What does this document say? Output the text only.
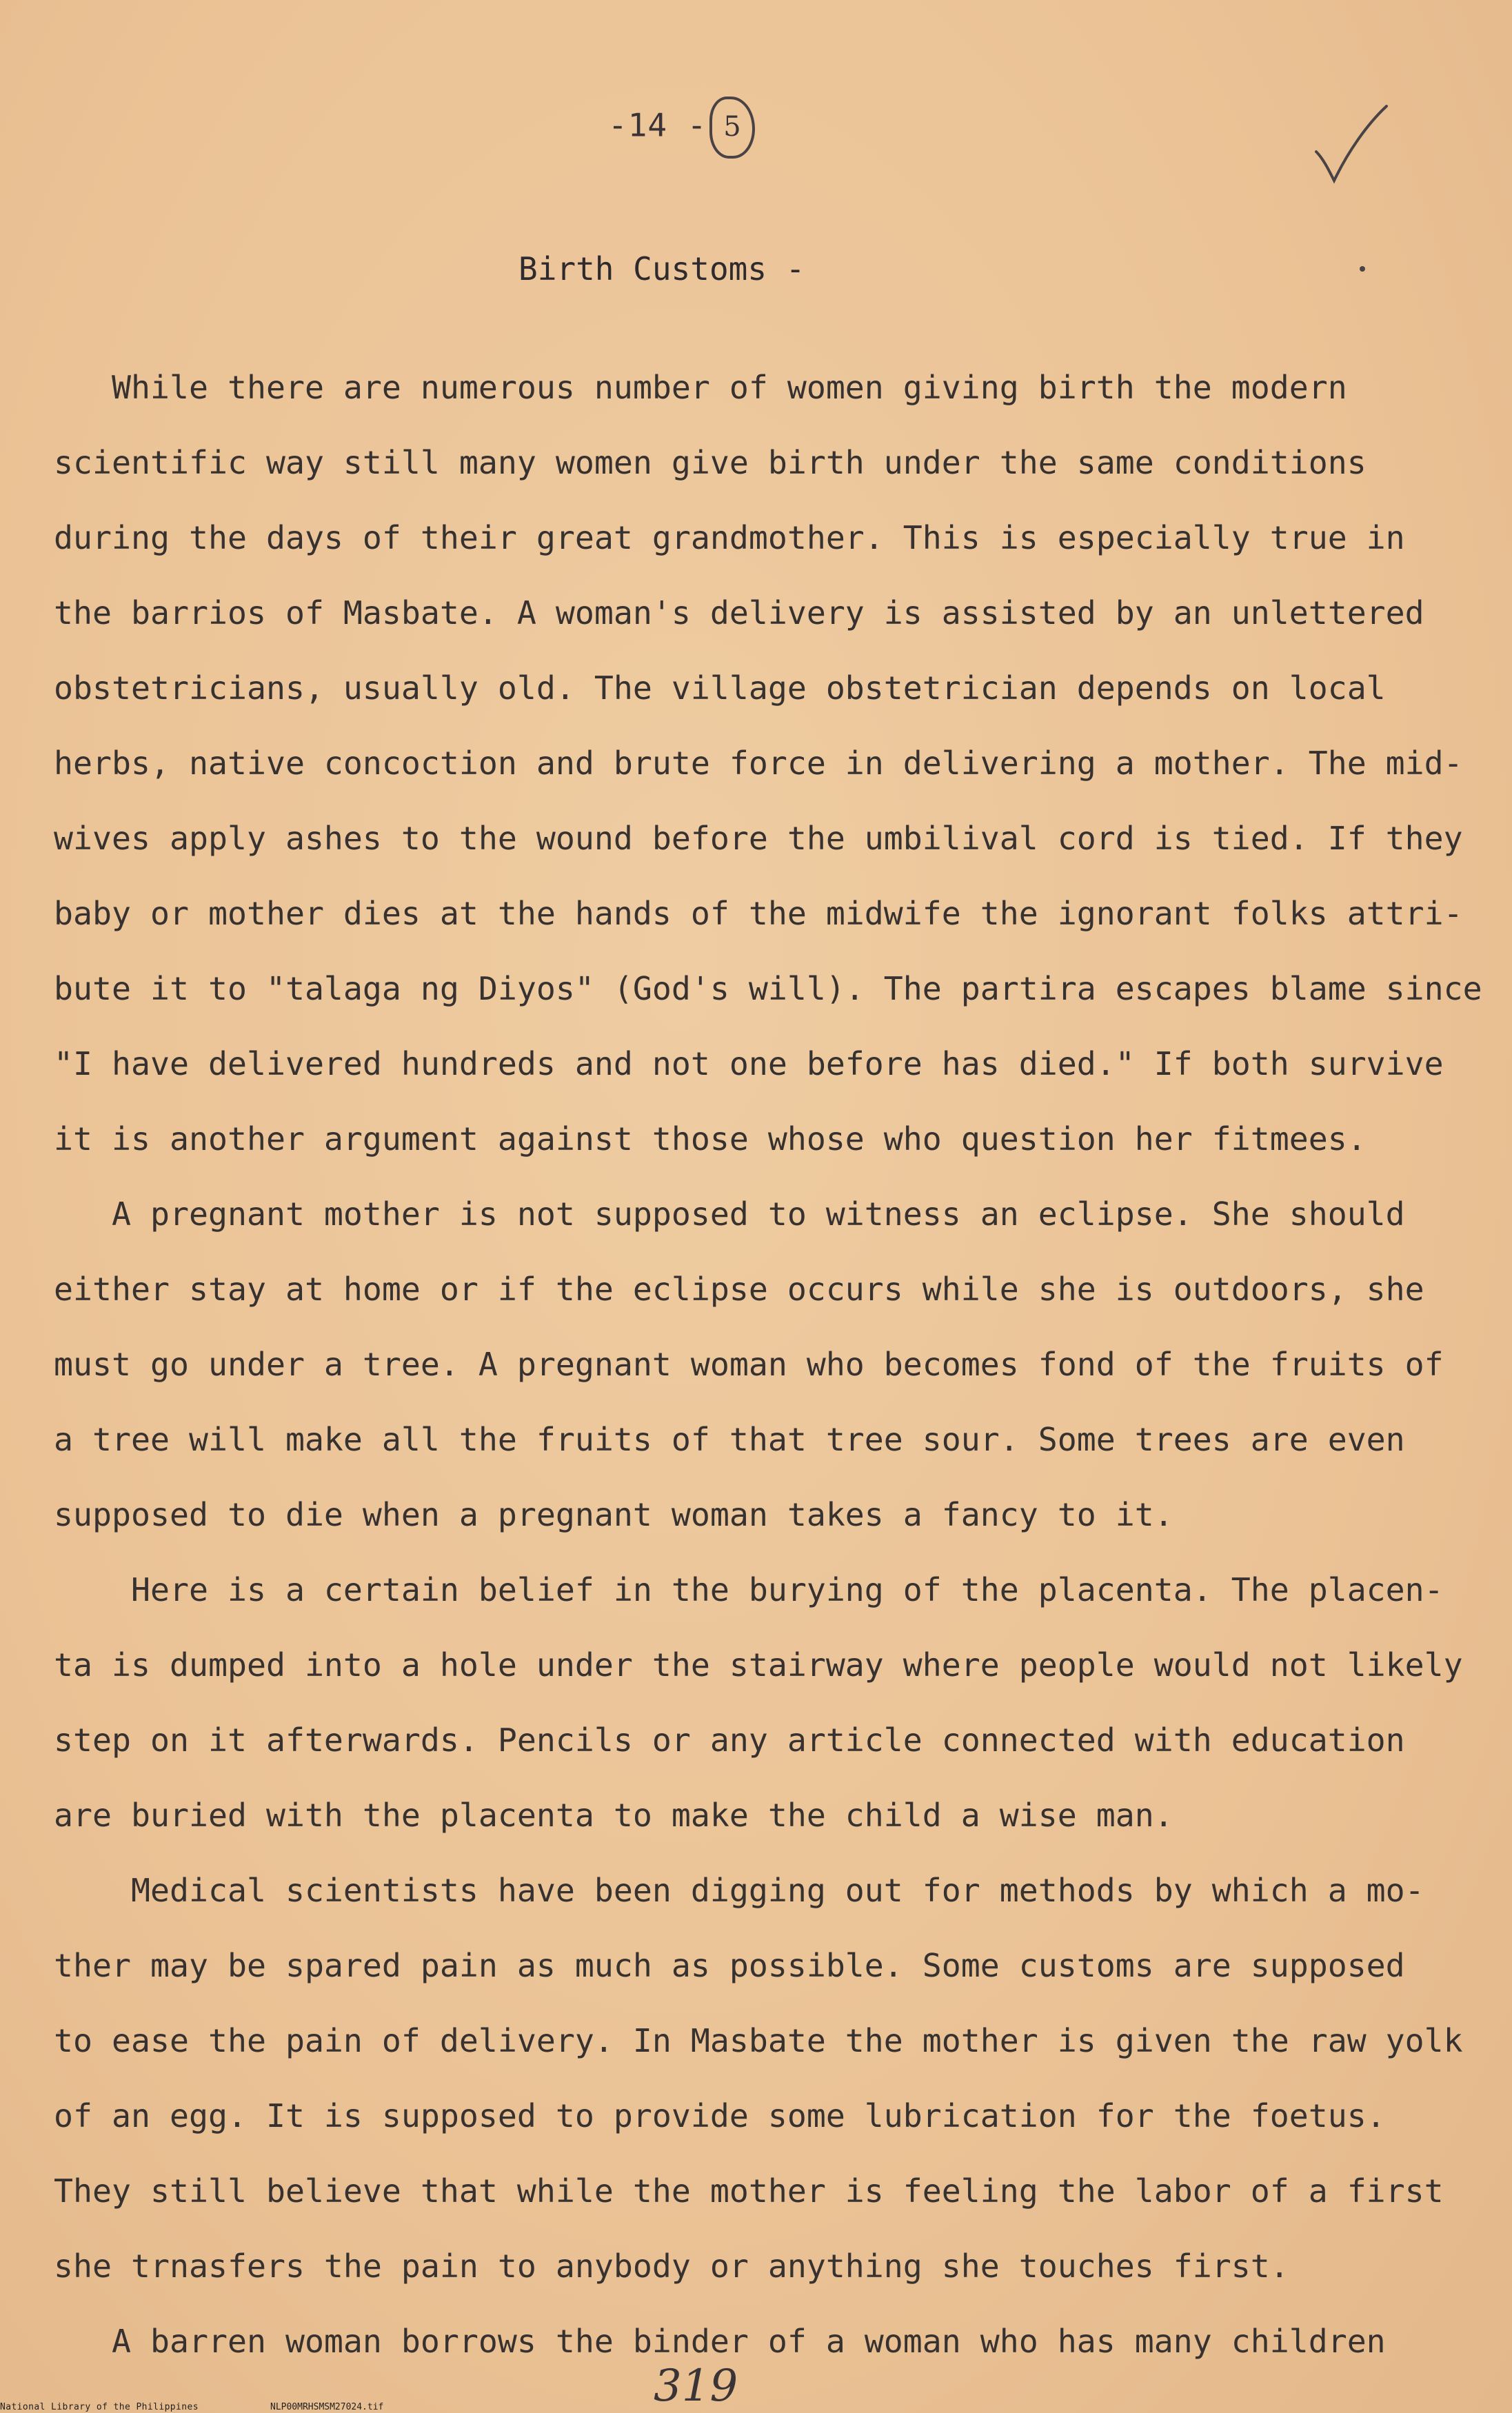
-14 - 5
Birth Customs -
While there are numerous number of women giving birth the modern
scientific way still many women give birth under the same conditions
during the days of their great grandmother. This is especially true in
the barrios of Masbate. A woman's delivery is assisted by an unlettered
obstetricians, usually old. The village obstetrician depends on local
herbs, native concoction and brute force in delivering a mother. The mid-
wives apply ashes to the wound before the umbilival cord is tied. If they
baby or mother dies at the hands of the midwife the ignorant folks attri-
bute it to "talaga ng Diyos" (God's will). The partira escapes blame since
"I have delivered hundreds and not one before has died." If both survive
it is another argument against those whose who question her fitmees.
A pregnant mother is not supposed to witness an eclipse. She should
either stay at home or if the eclipse occurs while she is outdoors, she
must go under a tree. A pregnant woman who becomes fond of the fruits of
a tree will make all the fruits of that tree sour. Some trees are even
supposed to die when a pregnant woman takes a fancy to it.
Here is a certain belief in the burying of the placenta. The placen-
ta is dumped into a hole under the stairway where people would not likely
step on it afterwards. Pencils or any article connected with education
are buried with the placenta to make the child a wise man.
Medical scientists have been digging out for methods by which a mo-
ther may be spared pain as much as possible. Some customs are supposed
to ease the pain of delivery. In Masbate the mother is given the raw yolk
of an egg. It is supposed to provide some lubrication for the foetus.
They still believe that while the mother is feeling the labor of a first
she trnasfers the pain to anybody or anything she touches first.
A barren woman borrows the binder of a woman who has many children
319
National Library of the Philippines	NLP00MRHSMSM27024.tif
